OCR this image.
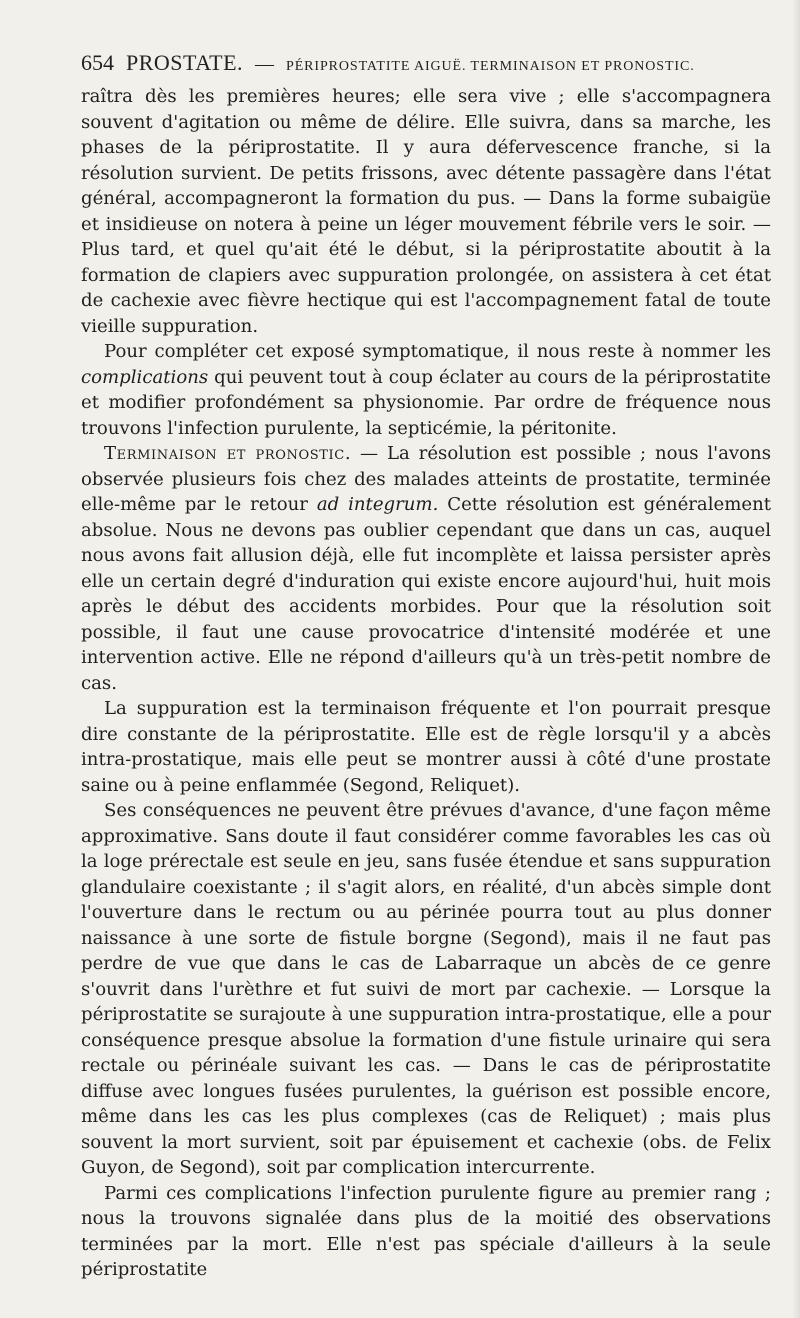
654 PROSTATE. — PÉRIPROSTATITE AIGUË. TERMINAISON ET PRONOSTIC.

raîtra dès les premières heures; elle sera vive ; elle s'accompagnera souvent d'agitation ou même de délire. Elle suivra, dans sa marche, les phases de la périprostatite. Il y aura défervescence franche, si la résolution survient. De petits frissons, avec détente passagère dans l'état général, accompagneront la formation du pus. — Dans la forme subaigüe et insidieuse on notera à peine un léger mouvement fébrile vers le soir. — Plus tard, et quel qu'ait été le début, si la périprostatite aboutit à la formation de clapiers avec suppuration prolongée, on assistera à cet état de cachexie avec fièvre hectique qui est l'accompagnement fatal de toute vieille suppuration.

Pour compléter cet exposé symptomatique, il nous reste à nommer les complications qui peuvent tout à coup éclater au cours de la périprostatite et modifier profondément sa physionomie. Par ordre de fréquence nous trouvons l'infection purulente, la septicémie, la péritonite.

Terminaison et pronostic. — La résolution est possible ; nous l'avons observée plusieurs fois chez des malades atteints de prostatite, terminée elle-même par le retour ad integrum. Cette résolution est généralement absolue. Nous ne devons pas oublier cependant que dans un cas, auquel nous avons fait allusion déjà, elle fut incomplète et laissa persister après elle un certain degré d'induration qui existe encore aujourd'hui, huit mois après le début des accidents morbides. Pour que la résolution soit possible, il faut une cause provocatrice d'intensité modérée et une intervention active. Elle ne répond d'ailleurs qu'à un très-petit nombre de cas.

La suppuration est la terminaison fréquente et l'on pourrait presque dire constante de la périprostatite. Elle est de règle lorsqu'il y a abcès intra-prostatique, mais elle peut se montrer aussi à côté d'une prostate saine ou à peine enflammée (Segond, Reliquet).

Ses conséquences ne peuvent être prévues d'avance, d'une façon même approximative. Sans doute il faut considérer comme favorables les cas où la loge prérectale est seule en jeu, sans fusée étendue et sans suppuration glandulaire coexistante ; il s'agit alors, en réalité, d'un abcès simple dont l'ouverture dans le rectum ou au périnée pourra tout au plus donner naissance à une sorte de fistule borgne (Segond), mais il ne faut pas perdre de vue que dans le cas de Labarraque un abcès de ce genre s'ouvrit dans l'urèthre et fut suivi de mort par cachexie. — Lorsque la périprostatite se surajoute à une suppuration intra-prostatique, elle a pour conséquence presque absolue la formation d'une fistule urinaire qui sera rectale ou périnéale suivant les cas. — Dans le cas de périprostatite diffuse avec longues fusées purulentes, la guérison est possible encore, même dans les cas les plus complexes (cas de Reliquet) ; mais plus souvent la mort survient, soit par épuisement et cachexie (obs. de Felix Guyon, de Segond), soit par complication intercurrente.

Parmi ces complications l'infection purulente figure au premier rang ; nous la trouvons signalée dans plus de la moitié des observations terminées par la mort. Elle n'est pas spéciale d'ailleurs à la seule périprostatite
